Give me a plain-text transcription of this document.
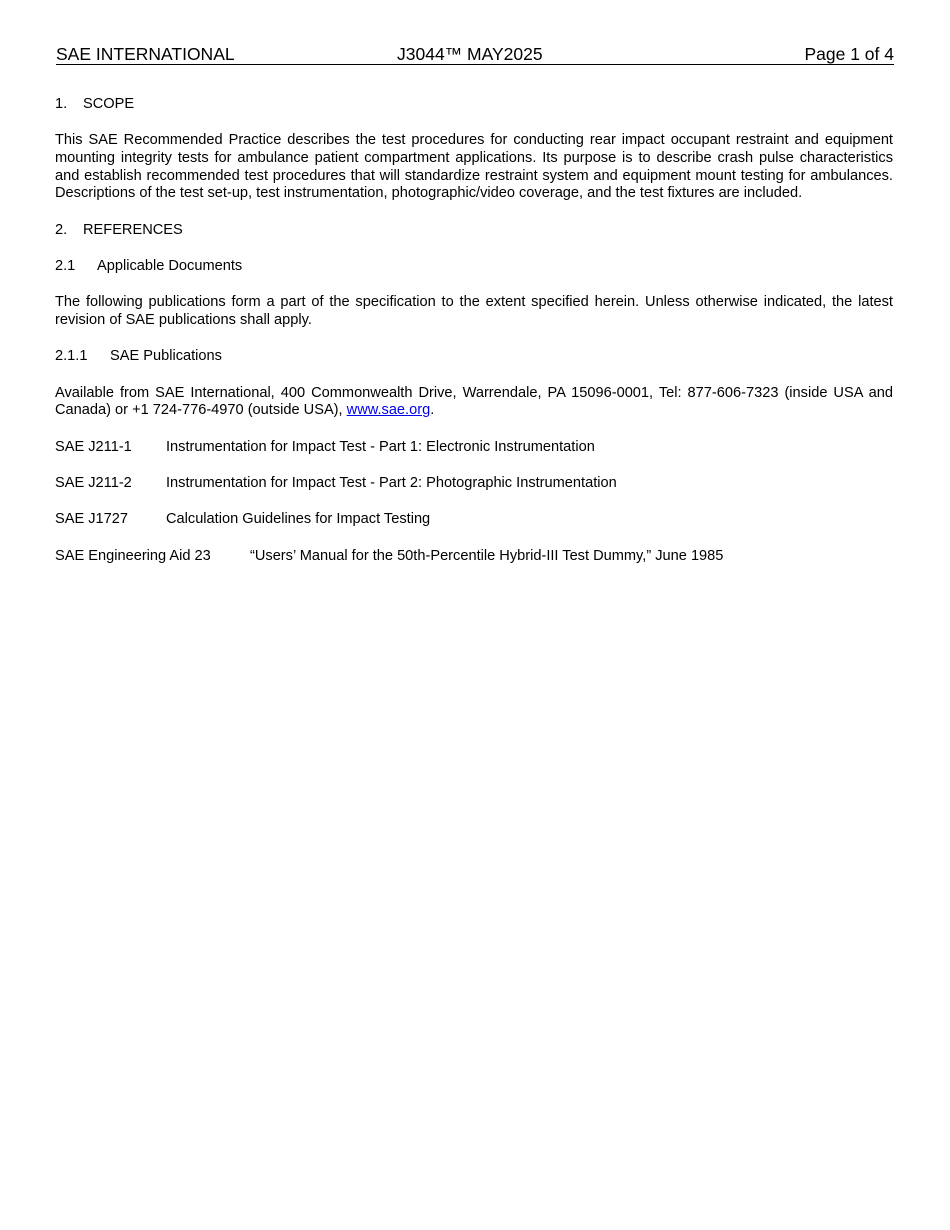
SAE INTERNATIONAL	J3044™ MAY2025	Page 1 of 4

1. SCOPE

This SAE Recommended Practice describes the test procedures for conducting rear impact occupant restraint and equipment mounting integrity tests for ambulance patient compartment applications. Its purpose is to describe crash pulse characteristics and establish recommended test procedures that will standardize restraint system and equipment mount testing for ambulances. Descriptions of the test set-up, test instrumentation, photographic/video coverage, and the test fixtures are included.

2. REFERENCES

2.1 Applicable Documents

The following publications form a part of the specification to the extent specified herein. Unless otherwise indicated, the latest revision of SAE publications shall apply.

2.1.1 SAE Publications

Available from SAE International, 400 Commonwealth Drive, Warrendale, PA 15096-0001, Tel: 877-606-7323 (inside USA and Canada) or +1 724-776-4970 (outside USA), www.sae.org.

SAE J211-1 Instrumentation for Impact Test - Part 1: Electronic Instrumentation
SAE J211-2 Instrumentation for Impact Test - Part 2: Photographic Instrumentation
SAE J1727	Calculation Guidelines for Impact Testing
SAE Engineering Aid 23	“Users’ Manual for the 50th-Percentile Hybrid-III Test Dummy,” June 1985
